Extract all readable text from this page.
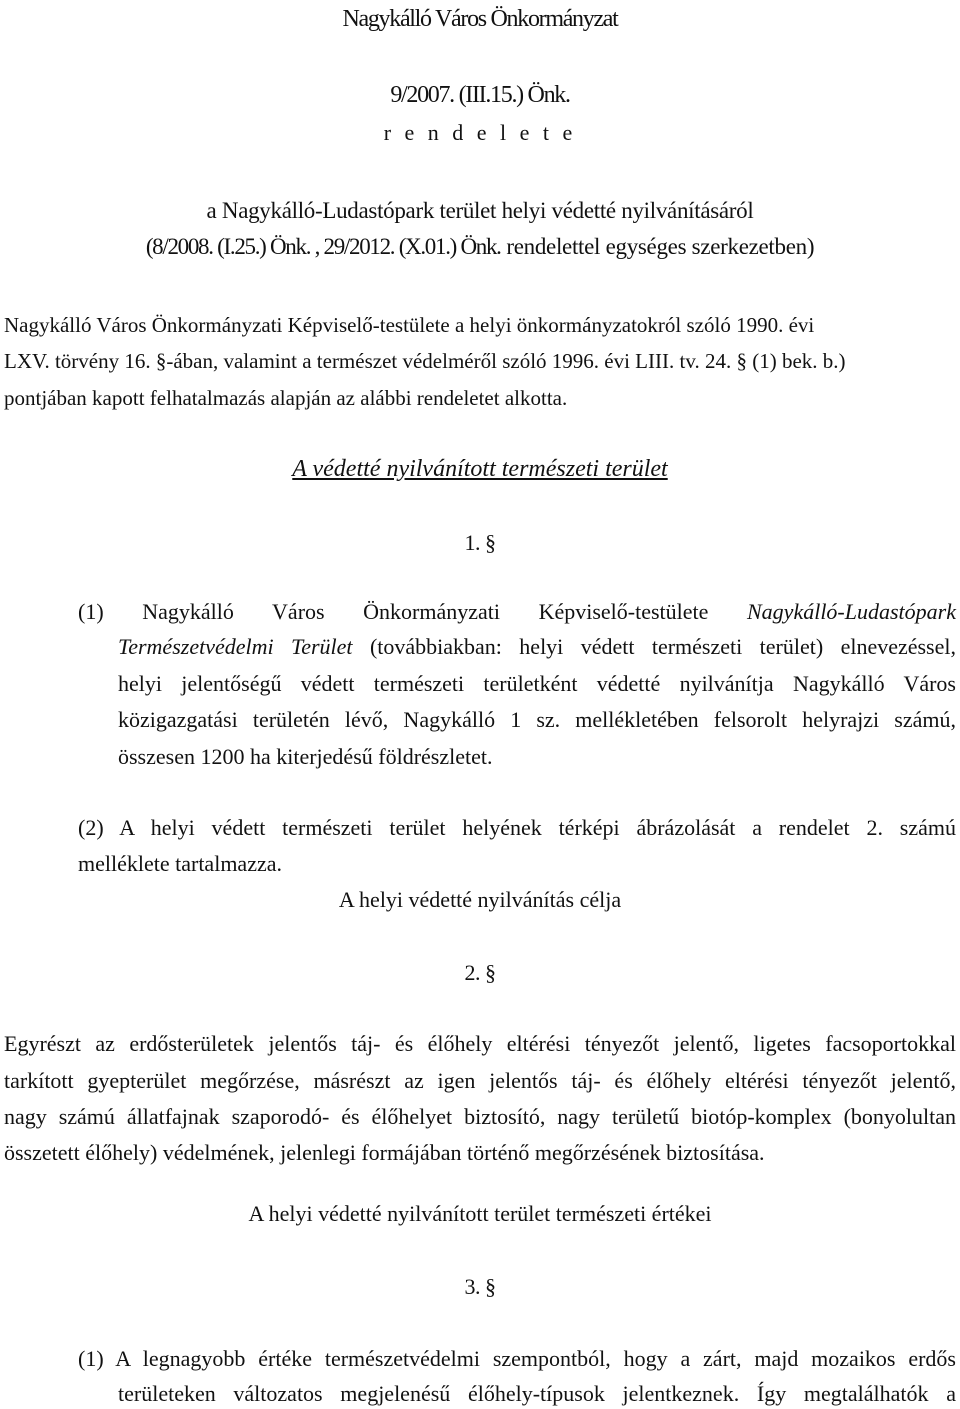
Nagykálló Város Önkormányzat
9/2007. (III.15.) Önk.
r e n d e l e t e
a Nagykálló-Ludastópark terület helyi védetté nyilvánításáról
(8/2008. (I.25.) Önk. , 29/2012. (X.01.) Önk. rendelettel egységes szerkezetben)
Nagykálló Város Önkormányzati Képviselő-testülete a helyi önkormányzatokról szóló 1990. évi
LXV. törvény 16. §-ában, valamint a természet védelméről szóló 1996. évi LIII. tv. 24. § (1) bek. b.)
pontjában kapott felhatalmazás alapján az alábbi rendeletet alkotta.
A védetté nyilvánított természeti terület
1. §
(1) Nagykálló Város Önkormányzati Képviselő-testülete Nagykálló-Ludastópark
Természetvédelmi Terület (továbbiakban: helyi védett természeti terület) elnevezéssel,
helyi jelentőségű védett természeti területként védetté nyilvánítja Nagykálló Város
közigazgatási területén lévő, Nagykálló 1 sz. mellékletében felsorolt helyrajzi számú,
összesen 1200 ha kiterjedésű földrészletet.
(2) A helyi védett természeti terület helyének térképi ábrázolását a rendelet 2. számú
melléklete tartalmazza.
A helyi védetté nyilvánítás célja
2. §
Egyrészt az erdősterületek jelentős táj- és élőhely eltérési tényezőt jelentő, ligetes facsoportokkal
tarkított gyepterület megőrzése, másrészt az igen jelentős táj- és élőhely eltérési tényezőt jelentő,
nagy számú állatfajnak szaporodó- és élőhelyet biztosító, nagy területű biotóp-komplex (bonyolultan
összetett élőhely) védelmének, jelenlegi formájában történő megőrzésének biztosítása.
A helyi védetté nyilvánított terület természeti értékei
3. §
(1) A legnagyobb értéke természetvédelmi szempontból, hogy a zárt, majd mozaikos erdős
területeken változatos megjelenésű élőhely-típusok jelentkeznek. Így megtalálhatók a
